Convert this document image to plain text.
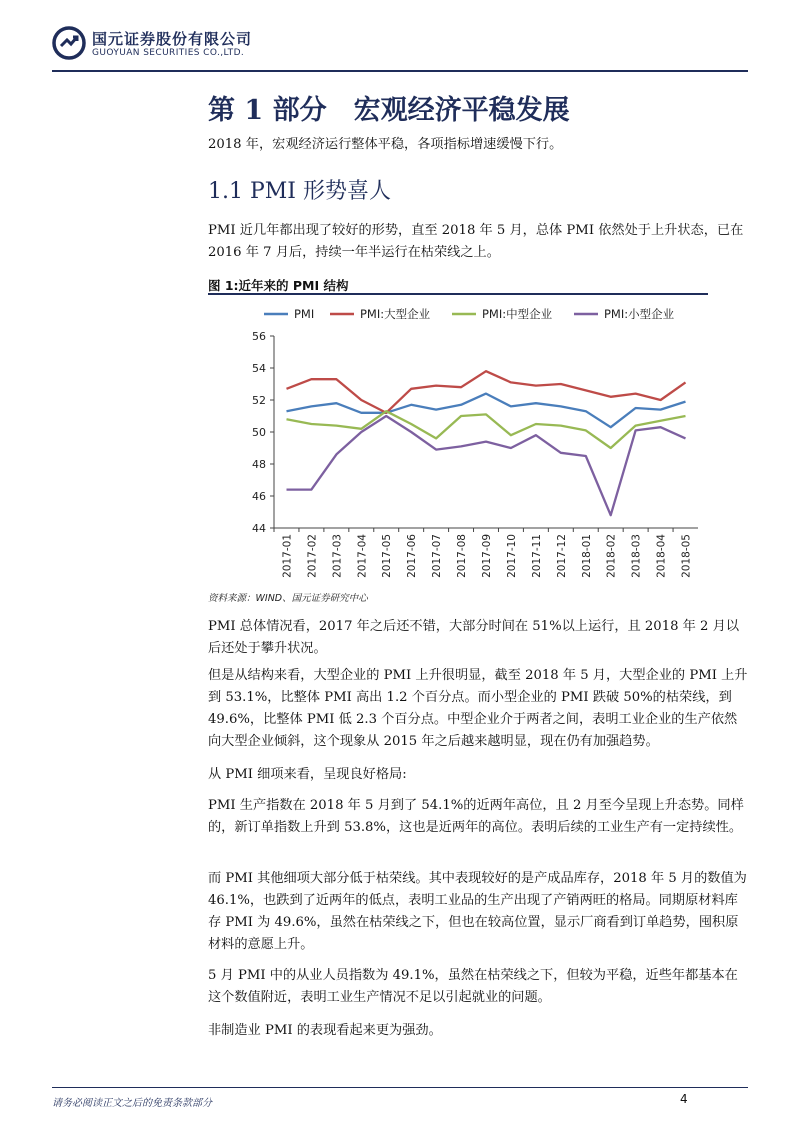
国元证券股份有限公司
GUOYUAN SECURITIES CO.,LTD.
第 1 部分　宏观经济平稳发展

2018 年，宏观经济运行整体平稳，各项指标增速缓慢下行。

1.1 PMI 形势喜人

PMI 近几年都出现了较好的形势，直至 2018 年 5 月，总体 PMI 依然处于上升状态，已在 2016 年 7 月后，持续一年半运行在枯荣线之上。

图 1:近年来的 PMI 结构
44
46
48
50
52
54
56
2017-01 2017-02 2017-03 2017-04 2017-05 2017-06 2017-07 2017-08 2017-09 2017-10 2017-11 2017-12 2018-01 2018-02 2018-03 2018-04 2018-05
PMI	PMI:大型企业	PMI:中型企业	PMI:小型企业
资料来源：WIND、国元证券研究中心

PMI 总体情况看，2017 年之后还不错，大部分时间在 51%以上运行，且 2018 年 2 月以后还处于攀升状况。

但是从结构来看，大型企业的 PMI 上升很明显，截至 2018 年 5 月，大型企业的 PMI 上升到 53.1%，比整体 PMI 高出 1.2 个百分点。而小型企业的 PMI 跌破 50%的枯荣线，到 49.6%，比整体 PMI 低 2.3 个百分点。中型企业介于两者之间，表明工业企业的生产依然向大型企业倾斜，这个现象从 2015 年之后越来越明显，现在仍有加强趋势。

从 PMI 细项来看，呈现良好格局:

PMI 生产指数在 2018 年 5 月到了 54.1%的近两年高位，且 2 月至今呈现上升态势。同样的，新订单指数上升到 53.8%，这也是近两年的高位。表明后续的工业生产有一定持续性。

而 PMI 其他细项大部分低于枯荣线。其中表现较好的是产成品库存，2018 年 5 月的数值为 46.1%，也跌到了近两年的低点，表明工业品的生产出现了产销两旺的格局。同期原材料库存 PMI 为 49.6%，虽然在枯荣线之下，但也在较高位置，显示厂商看到订单趋势，囤积原材料的意愿上升。

5 月 PMI 中的从业人员指数为 49.1%，虽然在枯荣线之下，但较为平稳，近些年都基本在这个数值附近，表明工业生产情况不足以引起就业的问题。

非制造业 PMI 的表现看起来更为强劲。

请务必阅读正文之后的免责条款部分	4
